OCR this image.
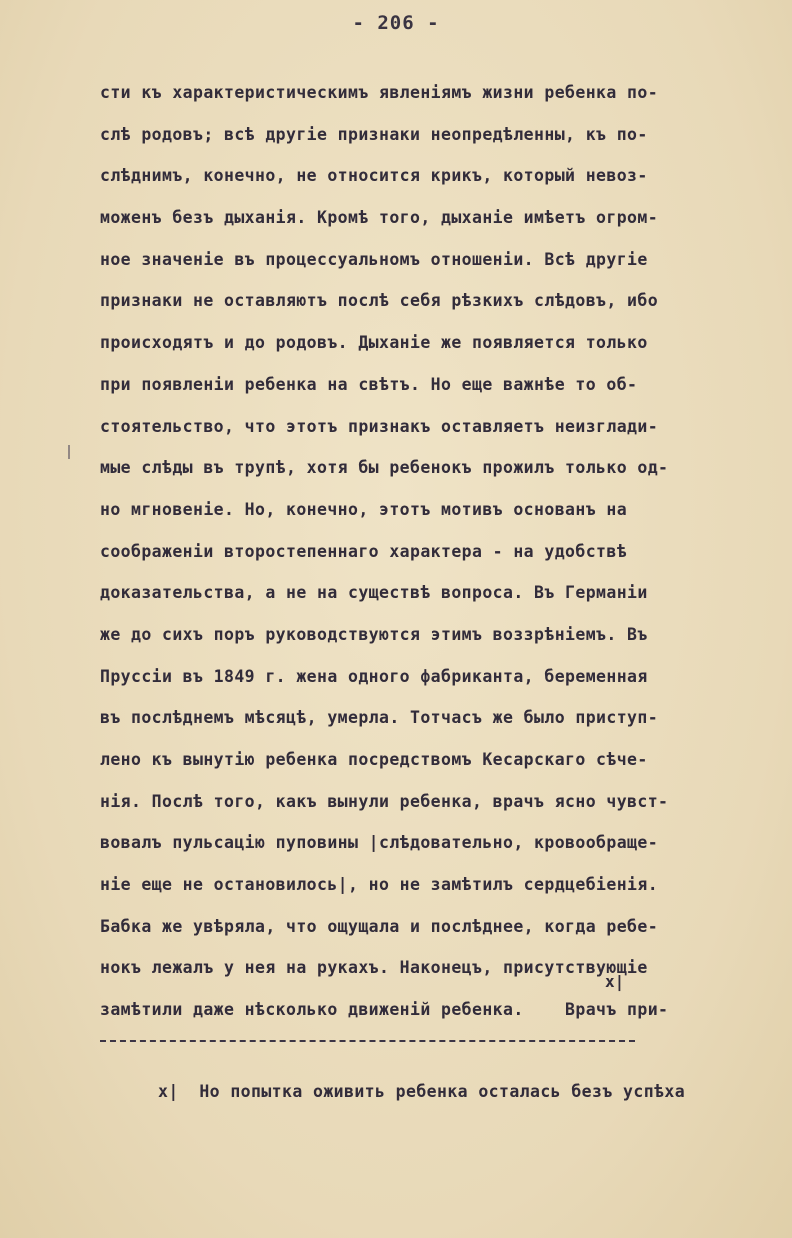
- 206 -
сти къ характеристическимъ явленiямъ жизни ребенка по-
слѣ родовъ; всѣ другiе признаки неопредѣленны, къ по-
слѣднимъ, конечно, не относится крикъ, который невоз-
моженъ безъ дыханiя. Кромѣ того, дыханiе имѣетъ огром-
ное значенiе въ процессуальномъ отношенiи. Всѣ другiе
признаки не оставляютъ послѣ себя рѣзкихъ слѣдовъ, ибо
происходятъ и до родовъ. Дыханiе же появляется только
при появленiи ребенка на свѣтъ. Но еще важнѣе то об-
стоятельство, что этотъ признакъ оставляетъ неизглади-
мые слѣды въ трупѣ, хотя бы ребенокъ прожилъ только од-
но мгновенiе. Но, конечно, этотъ мотивъ основанъ на
соображенiи второстепеннаго характера - на удобствѣ
доказательства, а не на существѣ вопроса. Въ Германiи
же до сихъ поръ руководствуются этимъ воззрѣнiемъ. Въ
Пруссiи въ 1849 г. жена одного фабриканта, беременная
въ послѣднемъ мѣсяцѣ, умерла. Тотчасъ же было приступ-
лено къ вынутiю ребенка посредствомъ Кесарскаго сѣче-
нiя. Послѣ того, какъ вынули ребенка, врачъ ясно чувст-
вовалъ пульсацiю пуповины |слѣдовательно, кровообраще-
нiе еще не остановилось|, но не замѣтилъ сердцебiенiя.
Бабка же увѣряла, что ощущала и послѣднее, когда ребе-
нокъ лежалъ у нея на рукахъ. Наконецъ, присутствующiе
замѣтили даже нѣсколько движенiй ребенка.    Врачъ при-
x|
x|  Но попытка оживить ребенка осталась безъ успѣха
